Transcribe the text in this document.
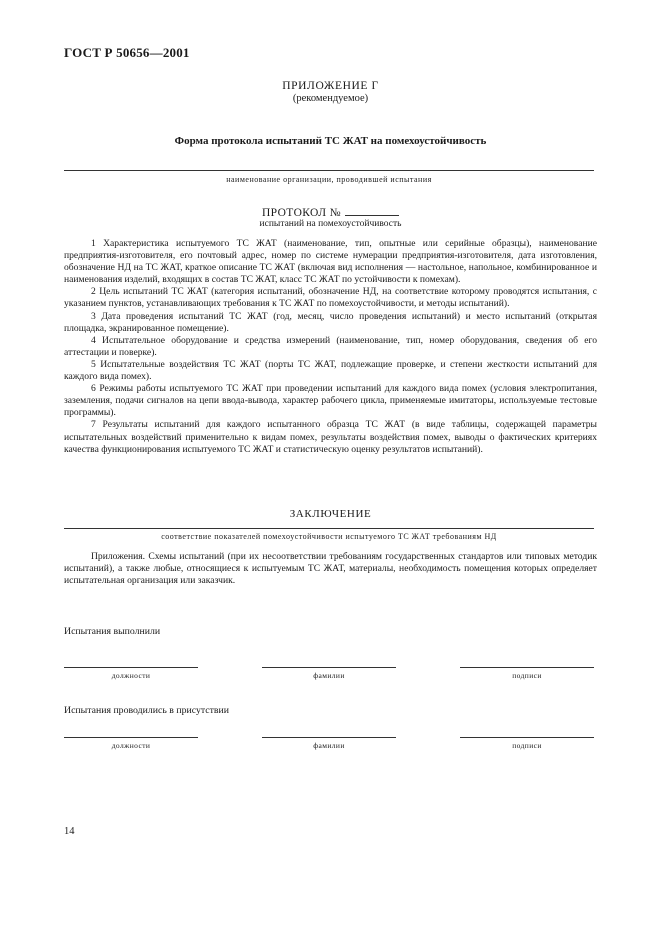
ГОСТ Р 50656—2001
ПРИЛОЖЕНИЕ Г
(рекомендуемое)
Форма протокола испытаний ТС ЖАТ на помехоустойчивость
наименование организации, проводившей испытания
ПРОТОКОЛ №
испытаний на помехоустойчивость

1 Характеристика испытуемого ТС ЖАТ (наименование, тип, опытные или серийные образцы), наименование предприятия-изготовителя, его почтовый адрес, номер по системе нумерации предприятия-изготовителя, дата изготовления, обозначение НД на ТС ЖАТ, краткое описание ТС ЖАТ (включая вид исполнения — настольное, напольное, комбинированное и наименования изделий, входящих в состав ТС ЖАТ, класс ТС ЖАТ по устойчивости к помехам).

2 Цель испытаний ТС ЖАТ (категория испытаний, обозначение НД, на соответствие которому проводятся испытания, с указанием пунктов, устанавливающих требования к ТС ЖАТ по помехоустойчивости, и методы испытаний).

3 Дата проведения испытаний ТС ЖАТ (год, месяц, число проведения испытаний) и место испытаний (открытая площадка, экранированное помещение).

4 Испытательное оборудование и средства измерений (наименование, тип, номер оборудования, сведения об его аттестации и поверке).

5 Испытательные воздействия ТС ЖАТ (порты ТС ЖАТ, подлежащие проверке, и степени жесткости испытаний для каждого вида помех).

6 Режимы работы испытуемого ТС ЖАТ при проведении испытаний для каждого вида помех (условия электропитания, заземления, подачи сигналов на цепи ввода-вывода, характер рабочего цикла, применяемые имитаторы, используемые тестовые программы).

7 Результаты испытаний для каждого испытанного образца ТС ЖАТ (в виде таблицы, содержащей параметры испытательных воздействий применительно к видам помех, результаты воздействия помех, выводы о фактических критериях качества функционирования испытуемого ТС ЖАТ и статистическую оценку результатов испытаний).

ЗАКЛЮЧЕНИЕ
соответствие показателей помехоустойчивости испытуемого ТС ЖАТ требованиям НД

Приложения. Схемы испытаний (при их несоответствии требованиям государственных стандартов или типовых методик испытаний), а также любые, относящиеся к испытуемым ТС ЖАТ, материалы, необходимость помещения которых определяет испытательная организация или заказчик.

Испытания выполнили
должности	фамилии	подписи
Испытания проводились в присутствии
должности	фамилии	подписи
14
